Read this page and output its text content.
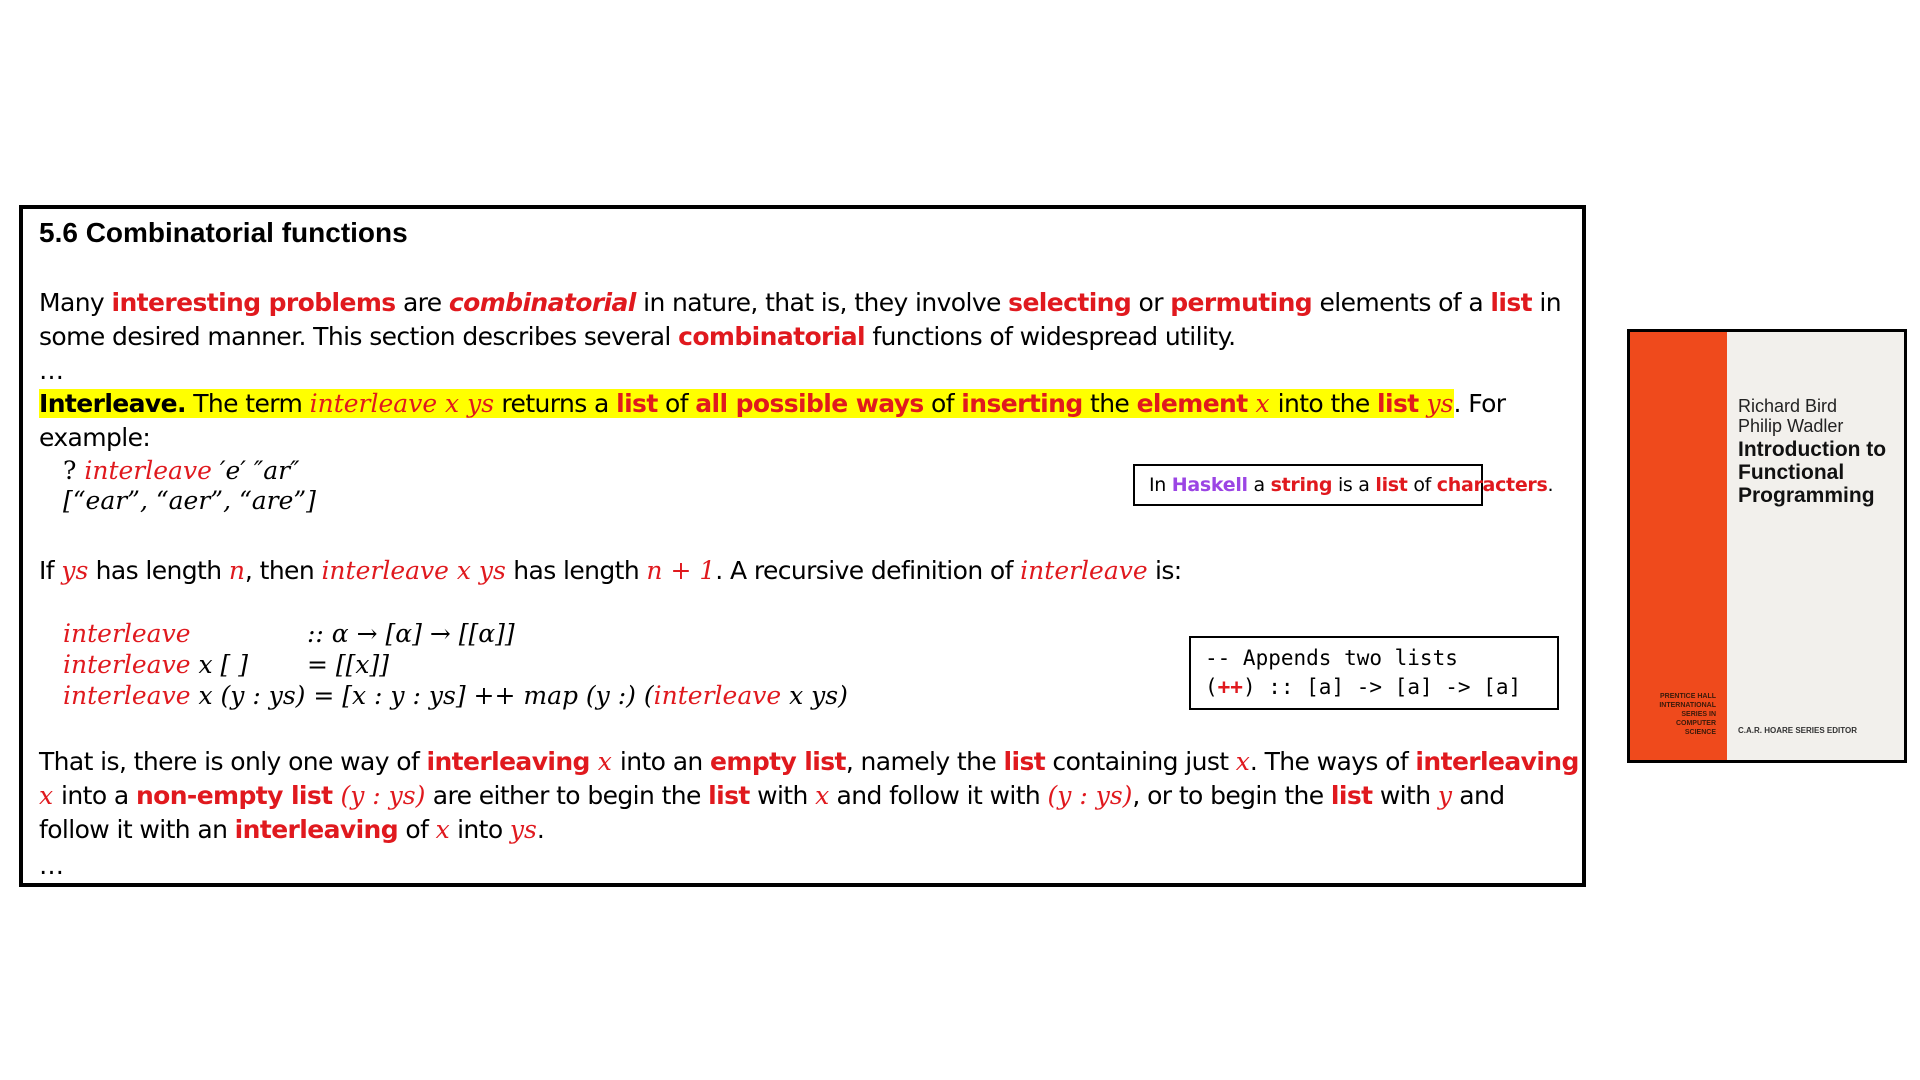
5.6 Combinatorial functions
Many interesting problems are combinatorial in nature, that is, they involve selecting or permuting elements of a list in some desired manner. This section describes several combinatorial functions of widespread utility.
…
Interleave. The term interleave x ys returns a list of all possible ways of inserting the element x into the list ys. For example:
? interleave ′e′ ″ar″
[“ear”, “aer”, “are”]
In Haskell a string is a list of characters.
If ys has length n, then interleave x ys has length n + 1. A recursive definition of interleave is:
interleave	:: α → [α] → [[α]]
interleave x [ ] = [[x]]
interleave x (y : ys) = [x : y : ys] ++ map (y :) (interleave x ys)
-- Appends two lists
(++) :: [a] -> [a] -> [a]
That is, there is only one way of interleaving x into an empty list, namely the list containing just x. The ways of interleaving x into a non-empty list (y : ys) are either to begin the list with x and follow it with (y : ys), or to begin the list with y and follow it with an interleaving of x into ys.
…
Richard Bird
Philip Wadler
Introduction to
Functional
Programming
PRENTICE HALL
INTERNATIONAL
SERIES IN
COMPUTER
SCIENCE	C.A.R. HOARE SERIES EDITOR
